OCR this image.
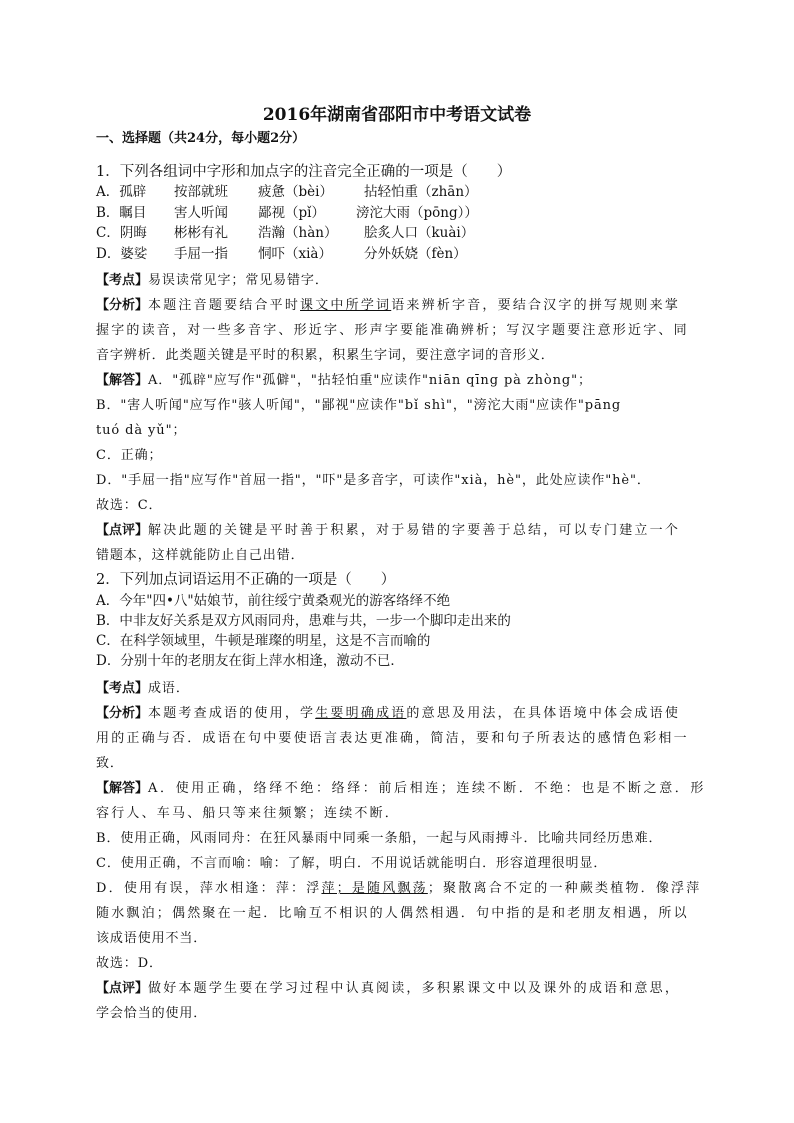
2016年湖南省邵阳市中考语文试卷
一、选择题（共24分，每小题2分）
1．下列各组词中字形和加点字的注音完全正确的一项是（　　）
A．孤辟 按部就班 疲惫（bèi） 拈轻怕重（zhān）
B．瞩目 害人听闻 鄙视（pǐ） 滂沱大雨（pōng））
C．阴晦 彬彬有礼 浩瀚（hàn） 脍炙人口（kuài）
D．婆娑 手屈一指 恫吓（xià） 分外妖娆（fèn）
【考点】易误读常见字；常见易错字．
【分析】本题注音题要结合平时课文中所学词语来辨析字音，要结合汉字的拼写规则来掌
握字的读音，对一些多音字、形近字、形声字要能准确辨析；写汉字题要注意形近字、同
音字辨析．此类题关键是平时的积累，积累生字词，要注意字词的音形义．
【解答】A．"孤辟"应写作"孤僻"，"拈轻怕重"应读作"niān qīng pà zhòng"；
B．"害人听闻"应写作"骇人听闻"，"鄙视"应读作"bǐ shì"，"滂沱大雨"应读作"pāng
tuó dà yǔ"；
C．正确；
D．"手屈一指"应写作"首屈一指"，"吓"是多音字，可读作"xià，hè"，此处应读作"hè"．
故选：C．
【点评】解决此题的关键是平时善于积累，对于易错的字要善于总结，可以专门建立一个
错题本，这样就能防止自己出错．
2．下列加点词语运用不正确的一项是（　　）
A．今年"四•八"姑娘节，前往绥宁黄桑观光的游客络绎不绝
B．中非友好关系是双方风雨同舟，患难与共，一步一个脚印走出来的
C．在科学领域里，牛顿是璀璨的明星，这是不言而喻的
D．分别十年的老朋友在街上萍水相逢，激动不已．
【考点】成语．
【分析】本题考查成语的使用，学生要明确成语的意思及用法，在具体语境中体会成语使
用的正确与否．成语在句中要使语言表达更准确，简洁，要和句子所表达的感情色彩相一
致．
【解答】A．使用正确，络绎不绝：络绎：前后相连；连续不断．不绝：也是不断之意．形
容行人、车马、船只等来往频繁；连续不断．
B．使用正确，风雨同舟：在狂风暴雨中同乘一条船，一起与风雨搏斗．比喻共同经历患难．
C．使用正确，不言而喻：喻：了解，明白．不用说话就能明白．形容道理很明显．
D．使用有误，萍水相逢：萍：浮萍；是随风飘荡；聚散离合不定的一种蕨类植物．像浮萍
随水飘泊；偶然聚在一起．比喻互不相识的人偶然相遇．句中指的是和老朋友相遇，所以
该成语使用不当．
故选：D．
【点评】做好本题学生要在学习过程中认真阅读，多积累课文中以及课外的成语和意思，
学会恰当的使用．
